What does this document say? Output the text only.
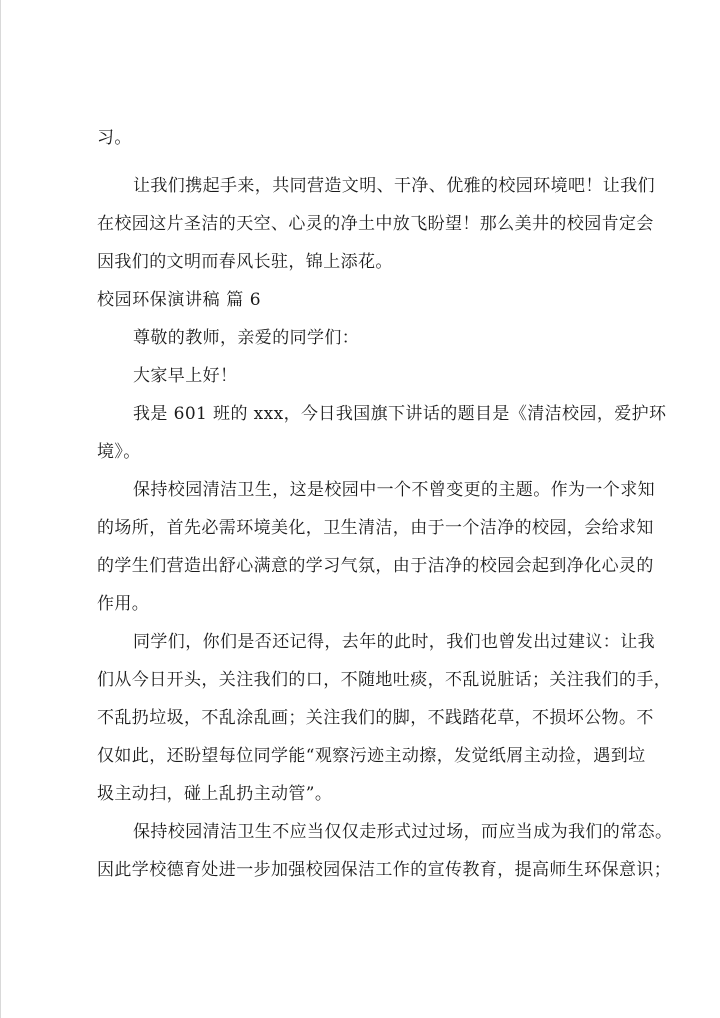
习。
让我们携起手来，共同营造文明、干净、优雅的校园环境吧！让我们
在校园这片圣洁的天空、心灵的净土中放飞盼望！那么美井的校园肯定会
因我们的文明而春风长驻，锦上添花。
校园环保演讲稿 篇 6
尊敬的教师，亲爱的同学们：
大家早上好！
我是 601 班的 xxx，今日我国旗下讲话的题目是《清洁校园，爱护环
境》。
保持校园清洁卫生，这是校园中一个不曾变更的主题。作为一个求知
的场所，首先必需环境美化，卫生清洁，由于一个洁净的校园，会给求知
的学生们营造出舒心满意的学习气氛，由于洁净的校园会起到净化心灵的
作用。
同学们，你们是否还记得，去年的此时，我们也曾发出过建议：让我
们从今日开头，关注我们的口，不随地吐痰，不乱说脏话；关注我们的手，
不乱扔垃圾，不乱涂乱画；关注我们的脚，不践踏花草，不损坏公物。不
仅如此，还盼望每位同学能“观察污迹主动擦，发觉纸屑主动捡，遇到垃
圾主动扫，碰上乱扔主动管”。
保持校园清洁卫生不应当仅仅走形式过过场，而应当成为我们的常态。
因此学校德育处进一步加强校园保洁工作的宣传教育，提高师生环保意识；
